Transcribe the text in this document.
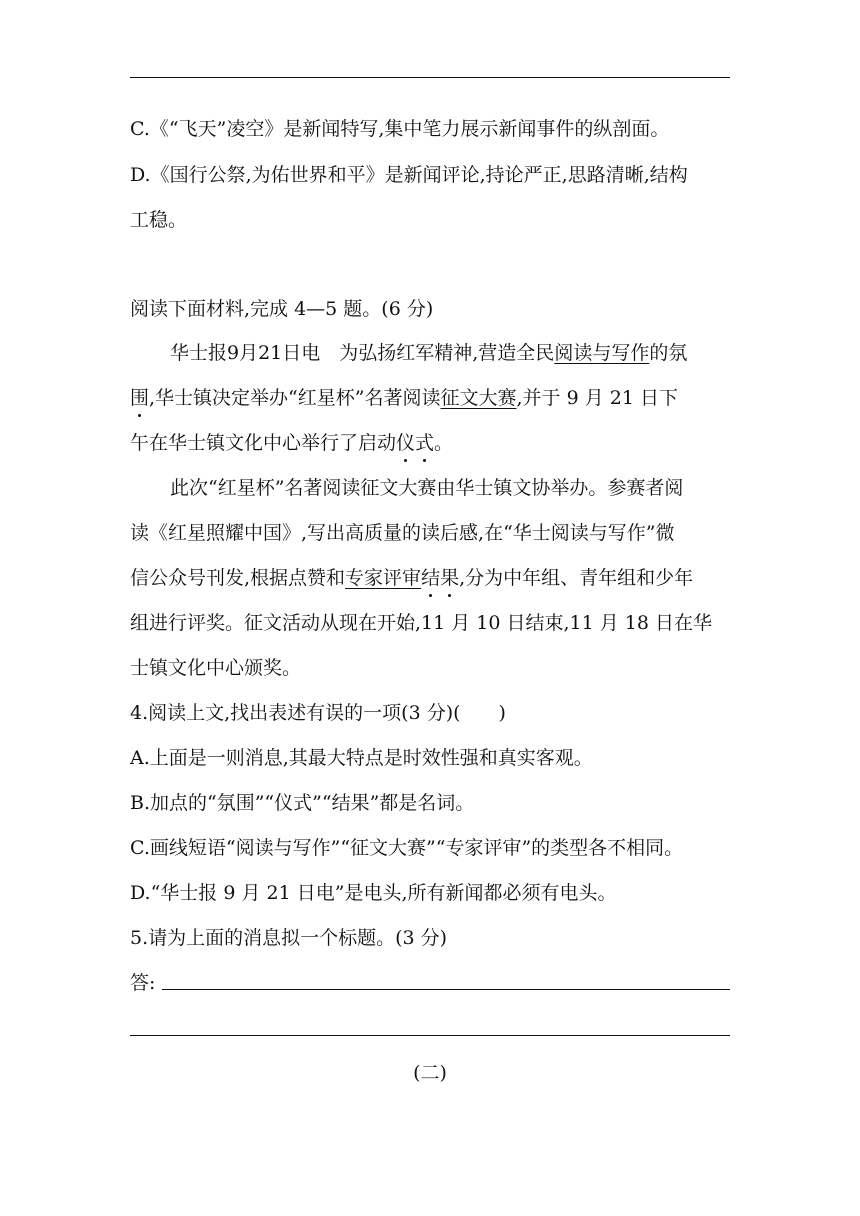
C.《“飞天”凌空》是新闻特写,集中笔力展示新闻事件的纵剖面。
D.《国行公祭,为佑世界和平》是新闻评论,持论严正,思路清晰,结构
工稳。
阅读下面材料,完成 4—5 题。(6 分)
华士报9月21日电　为弘扬红军精神,营造全民阅读与写作的氛
围,华士镇决定举办“红星杯”名著阅读征文大赛,并于 9 月 21 日下
午在华士镇文化中心举行了启动仪式。
此次“红星杯”名著阅读征文大赛由华士镇文协举办。参赛者阅
读《红星照耀中国》,写出高质量的读后感,在“华士阅读与写作”微
信公众号刊发,根据点赞和专家评审结果,分为中年组、青年组和少年
组进行评奖。征文活动从现在开始,11 月 10 日结束,11 月 18 日在华
士镇文化中心颁奖。
4.阅读上文,找出表述有误的一项(3 分)(　　)
A.上面是一则消息,其最大特点是时效性强和真实客观。
B.加点的“氛围”“仪式”“结果”都是名词。
C.画线短语“阅读与写作”“征文大赛”“专家评审”的类型各不相同。
D.“华士报 9 月 21 日电”是电头,所有新闻都必须有电头。
5.请为上面的消息拟一个标题。(3 分)
答:
(二)
